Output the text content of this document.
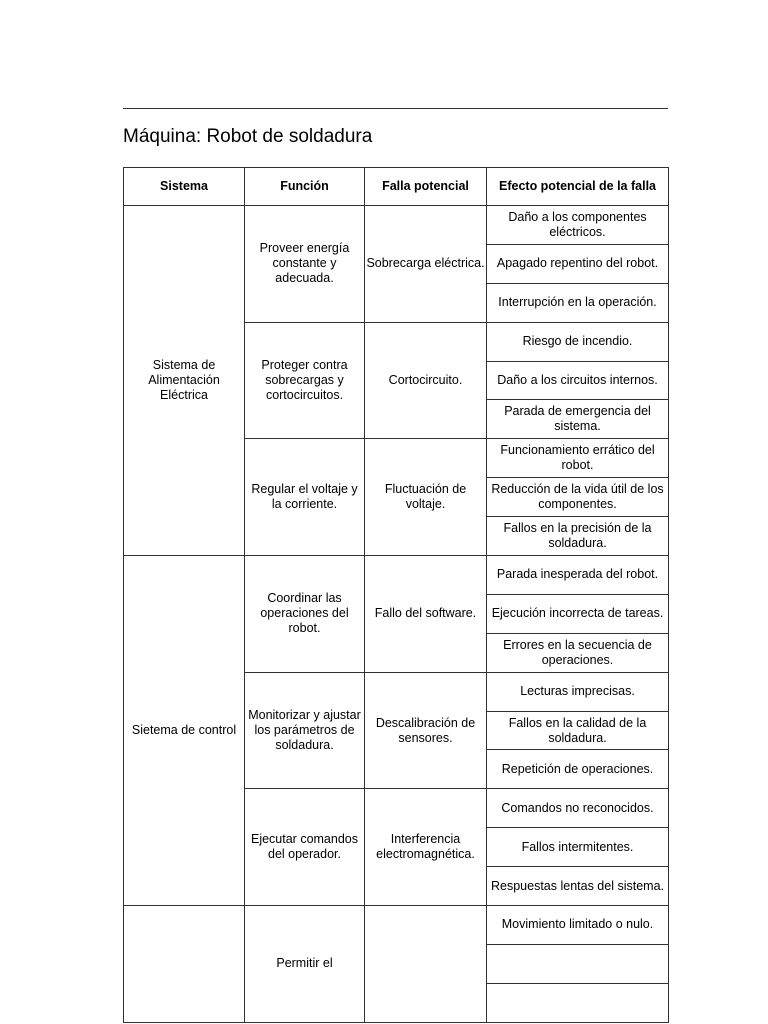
Máquina: Robot de soldadura
Sistema	Función	Falla potencial	Efecto potencial de la falla
Sistema de Alimentación Eléctrica	Proveer energía constante y adecuada.	Sobrecarga eléctrica.	Daño a los componentes eléctricos.
			Apagado repentino del robot.
			Interrupción en la operación.
	Proteger contra sobrecargas y cortocircuitos.	Cortocircuito.	Riesgo de incendio.
			Daño a los circuitos internos.
			Parada de emergencia del sistema.
	Regular el voltaje y la corriente.	Fluctuación de voltaje.	Funcionamiento errático del robot.
			Reducción de la vida útil de los componentes.
			Fallos en la precisión de la soldadura.
Sietema de control	Coordinar las operaciones del robot.	Fallo del software.	Parada inesperada del robot.
			Ejecución incorrecta de tareas.
			Errores en la secuencia de operaciones.
	Monitorizar y ajustar los parámetros de soldadura.	Descalibración de sensores.	Lecturas imprecisas.
			Fallos en la calidad de la soldadura.
			Repetición de operaciones.
	Ejecutar comandos del operador.	Interferencia electromagnética.	Comandos no reconocidos.
			Fallos intermitentes.
			Respuestas lentas del sistema.
	Permitir el		Movimiento limitado o nulo.
